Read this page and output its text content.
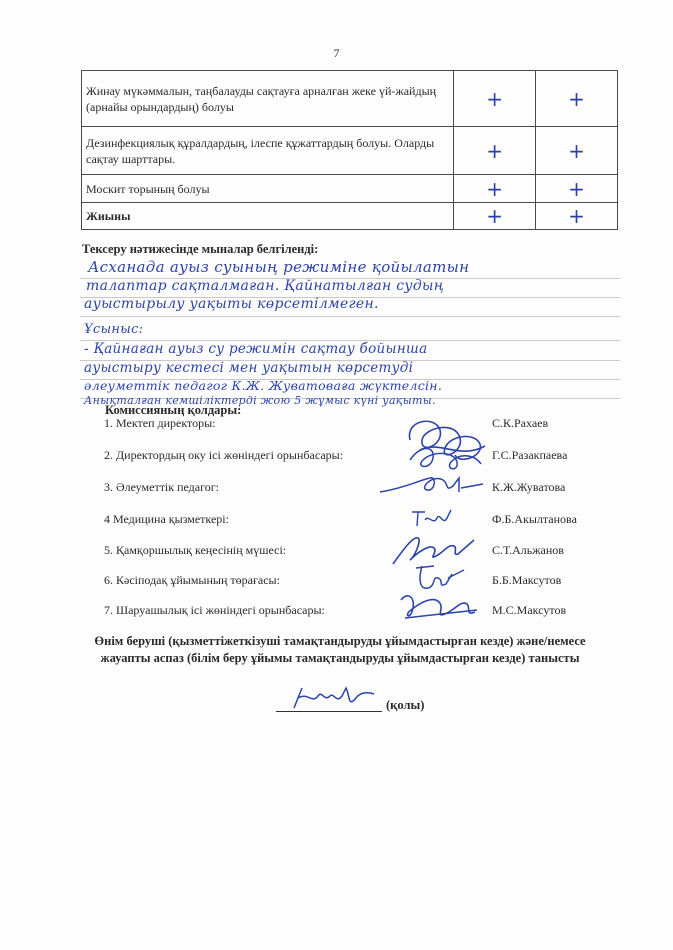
7
Жинау мүкəммалын, таңбалауды сақтауға арналған жеке үй-жайдың (арнайы орындардың) болуы	+	+
Дезинфекциялық құралдардың, ілеспе құжаттардың болуы. Оларды сақтау шарттары.	+	+
Москит торының болуы	+	+
Жиыны	+	+
Тексеру нәтижесінде мыналар белгіленді:
Асханада ауыз суының режиміне қойылатын
талаптар сақталмаған. Қайнатылған судың
ауыстырылу уақыты көрсетілмеген.
Ұсыныс:
- Қайнаған ауыз су режимін сақтау бойынша
ауыстыру кестесі мен уақытын көрсетуді
әлеуметтік педагог К.Ж. Жуватоваға жүктелсін.
Анықталған кемшіліктерді жою 5 жұмыс күні уақыты.
Комиссияның қолдары:
1. Мектеп директоры:	С.К.Рахаев
2. Директордың оку ісі жөніндегі орынбасары:	Г.С.Разакпаева
3. Әлеуметтік педагог:	К.Ж.Жуватова
4 Медицина қызметкері:	Ф.Б.Акылтанова
5. Қамқоршылық кеңесінің мүшесі:	С.Т.Альжанов
6. Кәсіподақ ұйымының төрағасы:	Б.Б.Максутов
7. Шаруашылық ісі жөніндегі орынбасары:	М.С.Максутов
Өнім беруші (қызметтіжеткізуші тамақтандыруды ұйымдастырған кезде) және/немесе жауапты аспаз (білім беру ұйымы тамақтандыруды ұйымдастырған кезде) танысты
(қолы)
